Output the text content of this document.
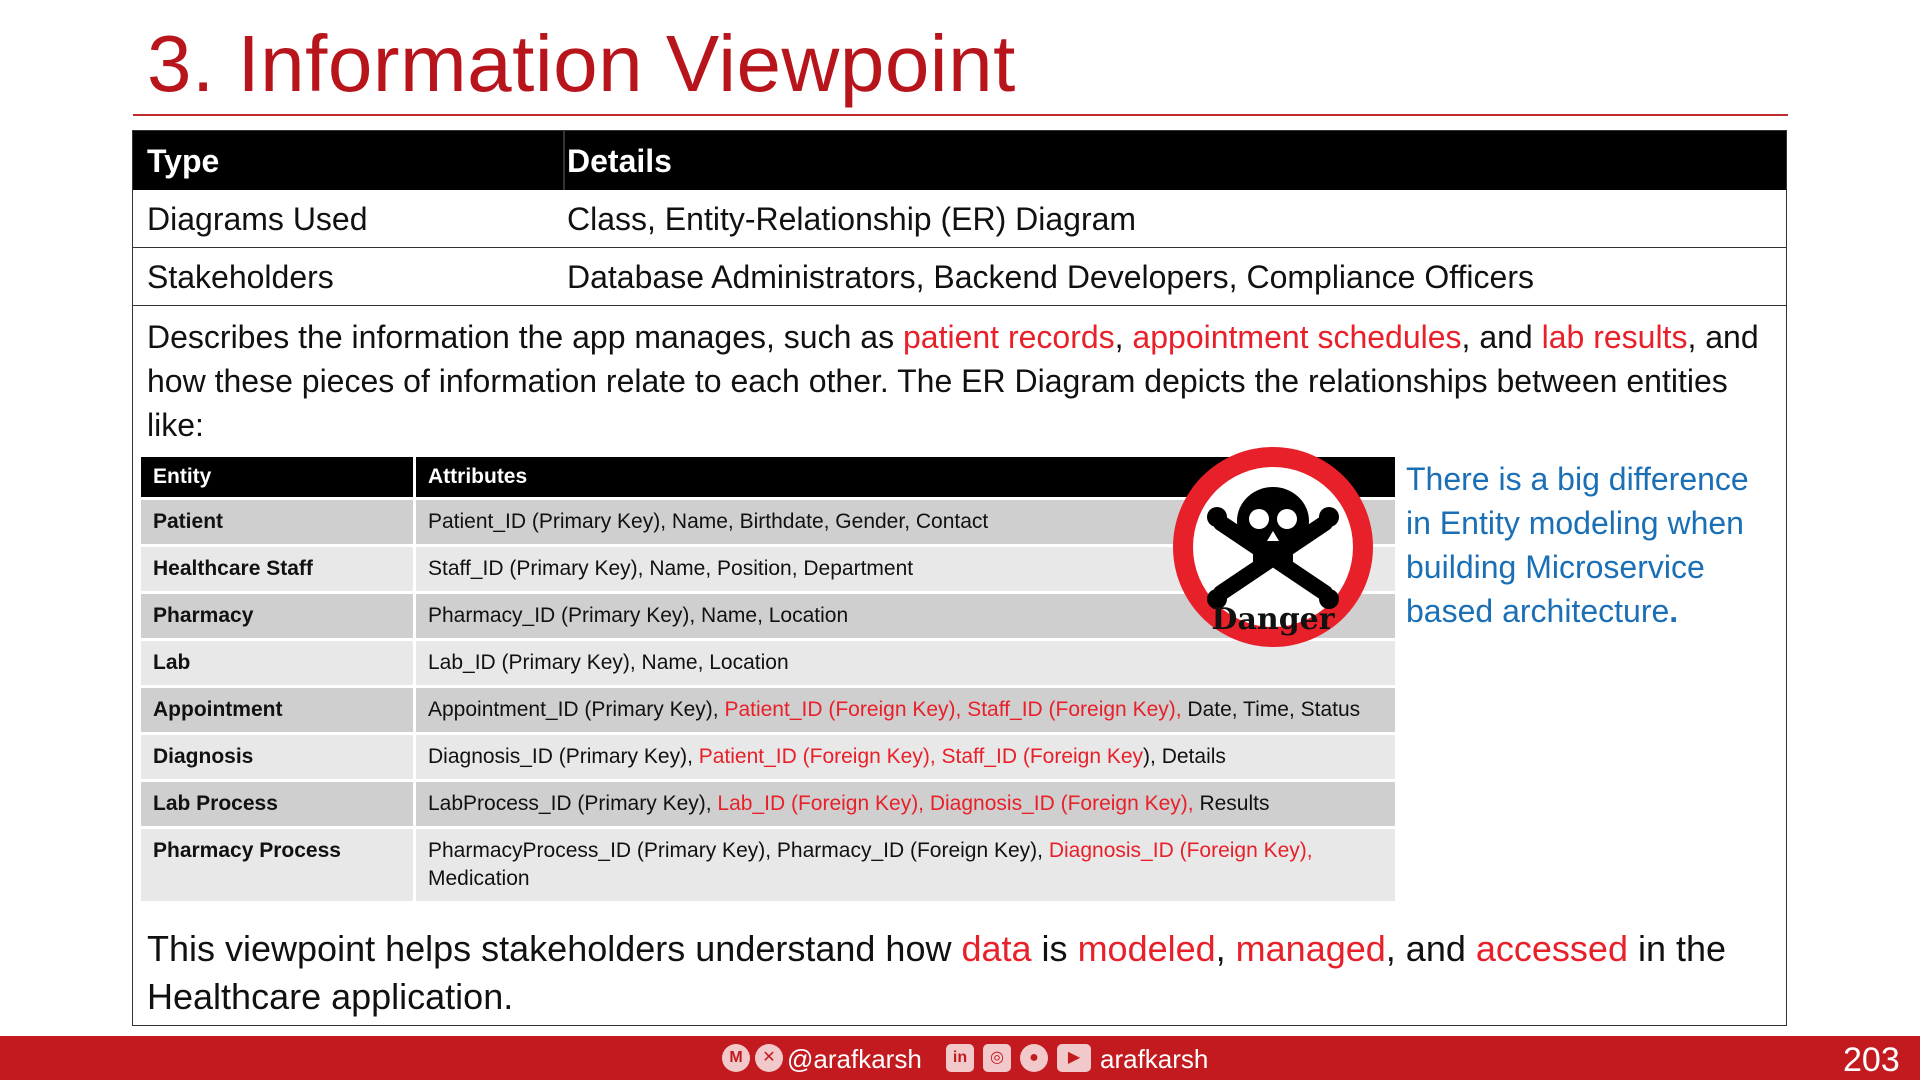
3. Information Viewpoint
Type	Details
Diagrams Used	Class, Entity-Relationship (ER) Diagram
Stakeholders	Database Administrators, Backend Developers, Compliance Officers
Describes the information the app manages, such as patient records, appointment schedules, and lab results, and how these pieces of information relate to each other. The ER Diagram depicts the relationships between entities like:
Entity	Attributes
Patient	Patient_ID (Primary Key), Name, Birthdate, Gender, Contact
Healthcare Staff	Staff_ID (Primary Key), Name, Position, Department
Pharmacy	Pharmacy_ID (Primary Key), Name, Location
Lab	Lab_ID (Primary Key), Name, Location
Appointment	Appointment_ID (Primary Key), Patient_ID (Foreign Key), Staff_ID (Foreign Key), Date, Time, Status
Diagnosis	Diagnosis_ID (Primary Key), Patient_ID (Foreign Key), Staff_ID (Foreign Key), Details
Lab Process	LabProcess_ID (Primary Key), Lab_ID (Foreign Key), Diagnosis_ID (Foreign Key), Results
Pharmacy Process	PharmacyProcess_ID (Primary Key), Pharmacy_ID (Foreign Key), Diagnosis_ID (Foreign Key), Medication
Danger
There is a big difference in Entity modeling when building Microservice based architecture.
This viewpoint helps stakeholders understand how data is modeled, managed, and accessed in the Healthcare application.
M	✕ @arafkarsh	in	◎	●	▶ arafkarsh	203
